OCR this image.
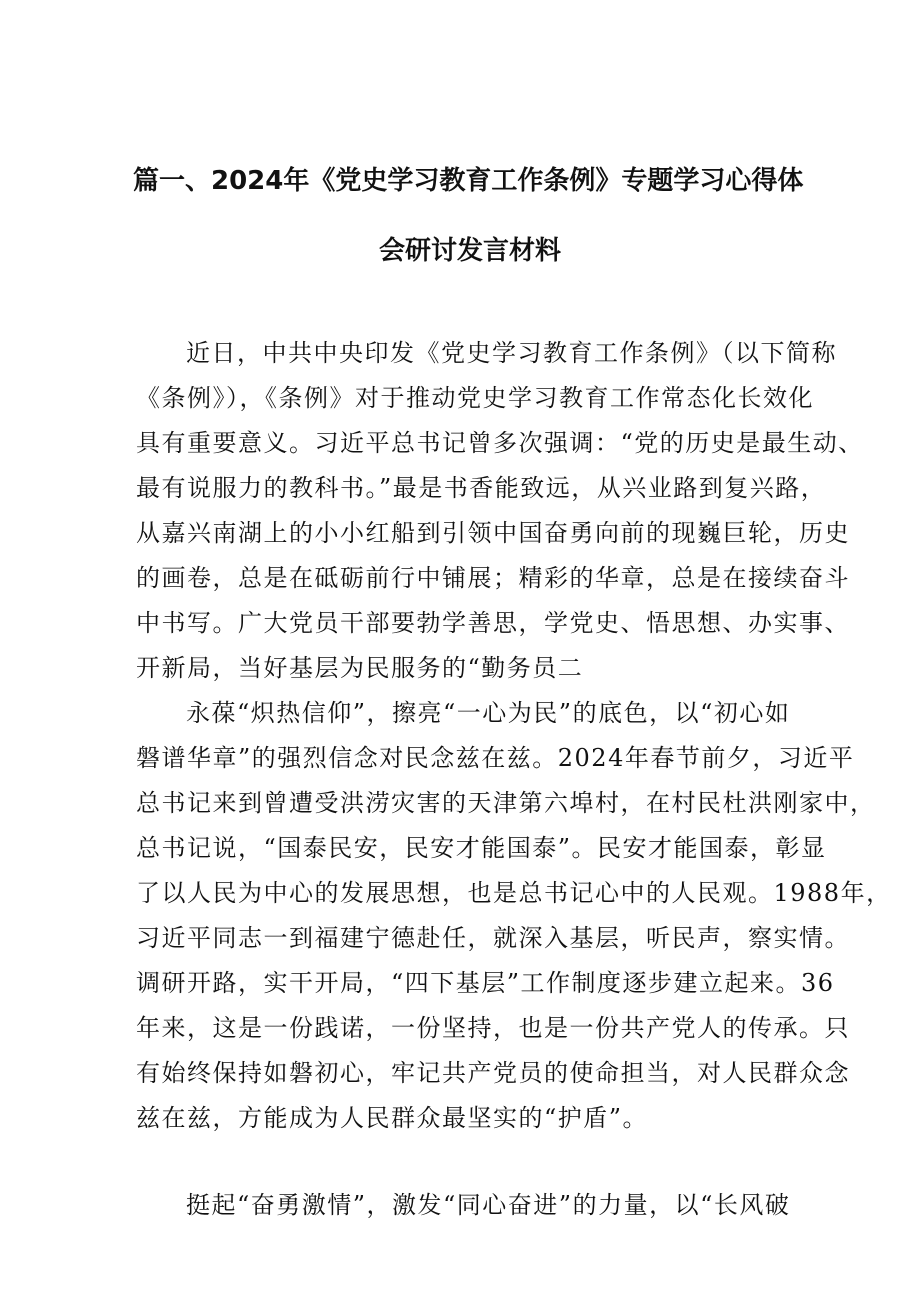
篇一、2024年《党史学习教育工作条例》专题学习心得体
会研讨发言材料
近日，中共中央印发《党史学习教育工作条例》（以下简称
《条例》），《条例》对于推动党史学习教育工作常态化长效化
具有重要意义。习近平总书记曾多次强调：“党的历史是最生动、
最有说服力的教科书。”最是书香能致远，从兴业路到复兴路，
从嘉兴南湖上的小小红船到引领中国奋勇向前的现巍巨轮，历史
的画卷，总是在砥砺前行中铺展；精彩的华章，总是在接续奋斗
中书写。广大党员干部要勃学善思，学党史、悟思想、办实事、
开新局，当好基层为民服务的“勤务员二
永葆“炽热信仰”，擦亮“一心为民”的底色，以“初心如
磐谱华章”的强烈信念对民念兹在兹。2024年春节前夕，习近平
总书记来到曾遭受洪涝灾害的天津第六埠村，在村民杜洪刚家中，
总书记说，“国泰民安，民安才能国泰”。民安才能国泰，彰显
了以人民为中心的发展思想，也是总书记心中的人民观。1988年，
习近平同志一到福建宁德赴任，就深入基层，听民声，察实情。
调研开路，实干开局，“四下基层”工作制度逐步建立起来。36
年来，这是一份践诺，一份坚持，也是一份共产党人的传承。只
有始终保持如磐初心，牢记共产党员的使命担当，对人民群众念
兹在兹，方能成为人民群众最坚实的“护盾”。
挺起“奋勇激情”，激发“同心奋进”的力量，以“长风破
